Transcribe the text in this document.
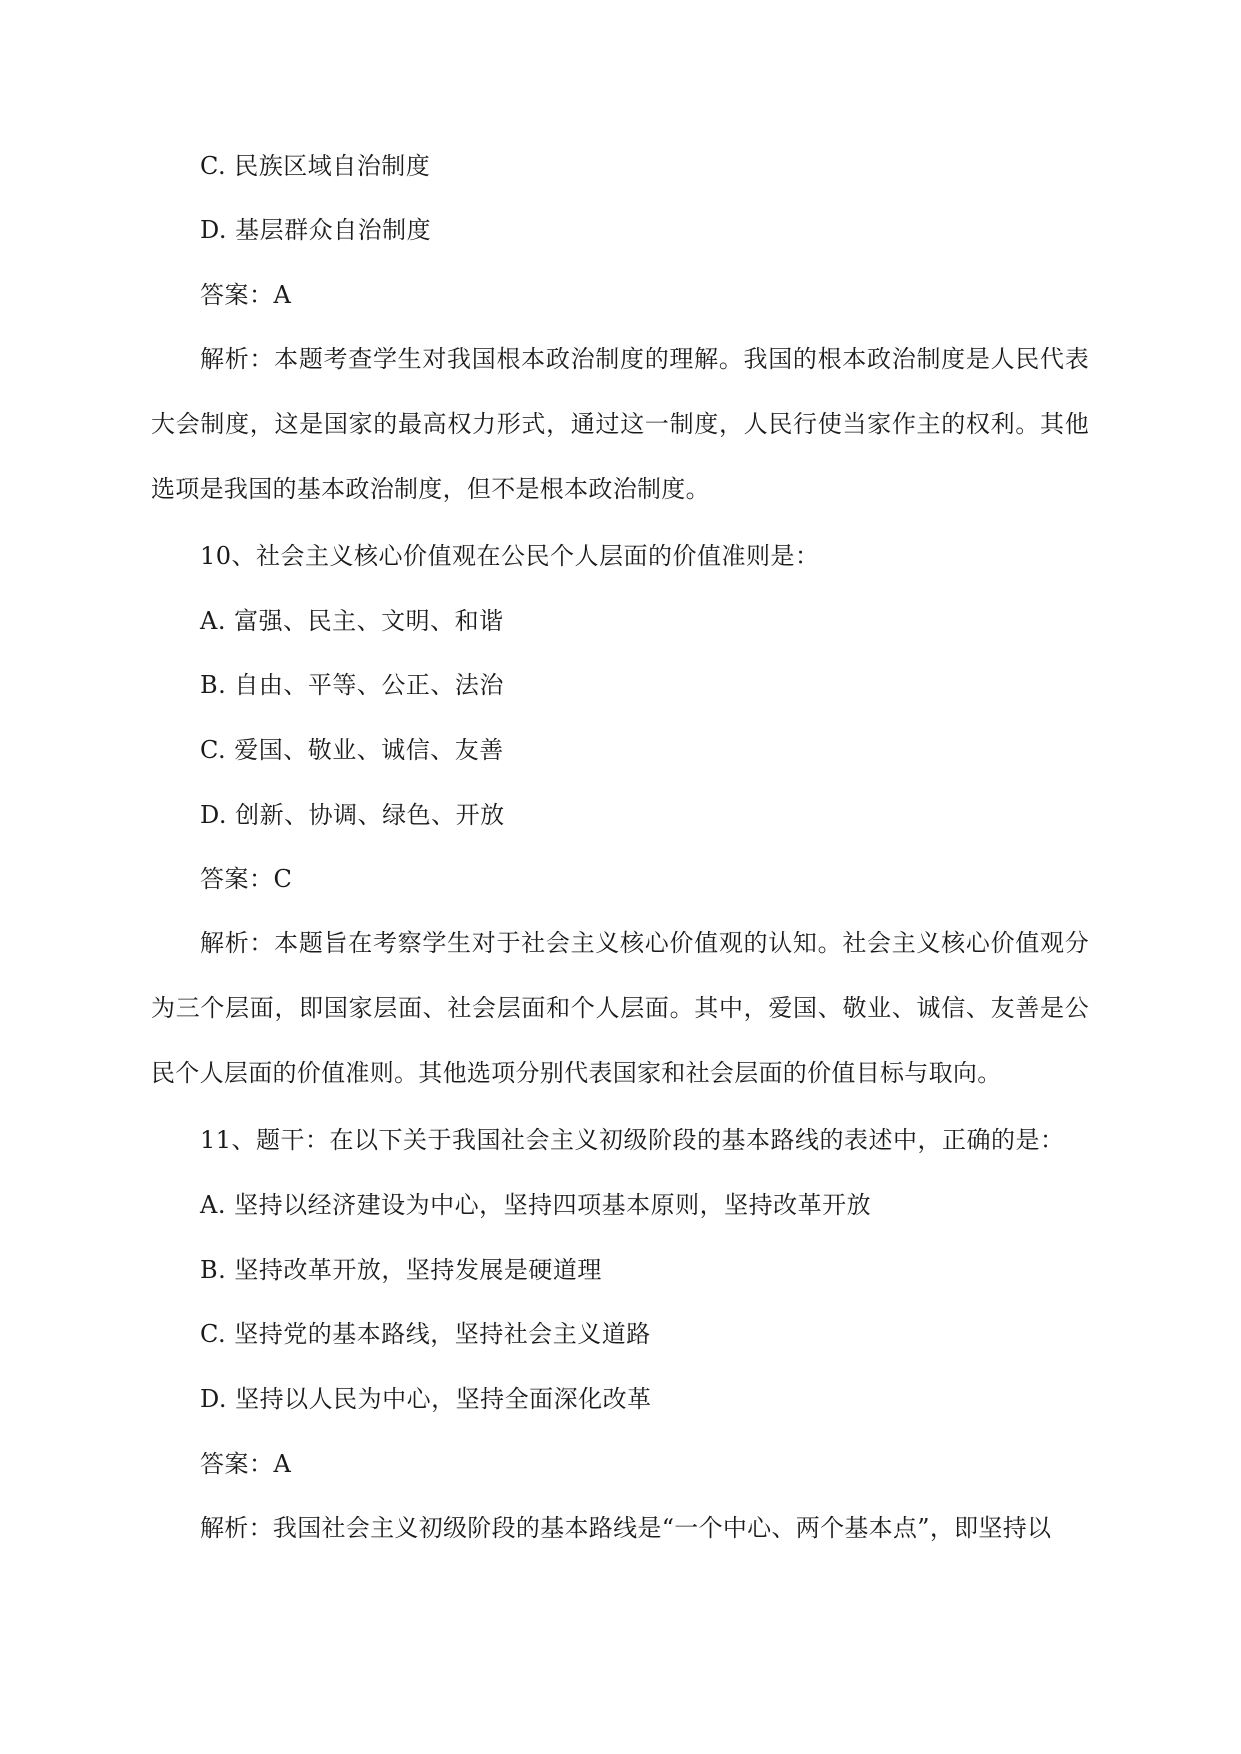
C. 民族区域自治制度
D. 基层群众自治制度
答案：A
解析：本题考查学生对我国根本政治制度的理解。我国的根本政治制度是人民代表大会制度，这是国家的最高权力形式，通过这一制度，人民行使当家作主的权利。其他选项是我国的基本政治制度，但不是根本政治制度。
10、社会主义核心价值观在公民个人层面的价值准则是：
A. 富强、民主、文明、和谐
B. 自由、平等、公正、法治
C. 爱国、敬业、诚信、友善
D. 创新、协调、绿色、开放
答案：C
解析：本题旨在考察学生对于社会主义核心价值观的认知。社会主义核心价值观分为三个层面，即国家层面、社会层面和个人层面。其中，爱国、敬业、诚信、友善是公民个人层面的价值准则。其他选项分别代表国家和社会层面的价值目标与取向。
11、题干：在以下关于我国社会主义初级阶段的基本路线的表述中，正确的是：
A. 坚持以经济建设为中心，坚持四项基本原则，坚持改革开放
B. 坚持改革开放，坚持发展是硬道理
C. 坚持党的基本路线，坚持社会主义道路
D. 坚持以人民为中心，坚持全面深化改革
答案：A
解析：我国社会主义初级阶段的基本路线是“一个中心、两个基本点”，即坚持以
